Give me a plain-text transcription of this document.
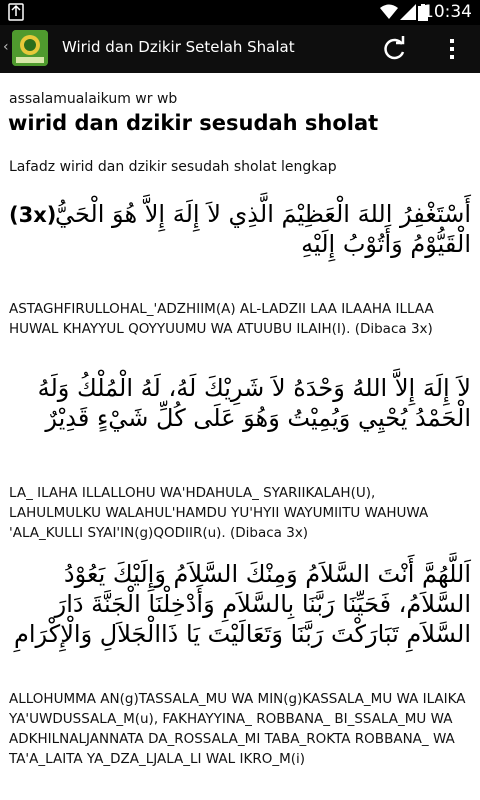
10:34
‹	Wirid dan Dzikir Setelah Shalat

assalamualaikum wr wb

wirid dan dzikir sesudah sholat

Lafadz wirid dan dzikir sesudah sholat lengkap

أَسْتَغْفِرُ اللهَ الْعَظِيْمَ الَّذِي لاَ إِلَهَ إِلاَّ هُوَ الْحَيُّ الْقَيُّوْمُ وَأَتُوْبُ إِلَيْهِ

(3x)

ASTAGHFIRULLOHAL_'ADZHIIM(A) AL-LADZII LAA ILAAHA ILLAA HUWAL KHAYYUL QOYYUUMU WA ATUUBU ILAIH(I). (Dibaca 3x)

لاَ إِلَهَ إِلاَّ اللهُ وَحْدَهُ لاَ شَرِيْكَ لَهُ، لَهُ الْمُلْكُ وَلَهُ الْحَمْدُ يُحْيِي وَيُمِيْتُ وَهُوَ عَلَى كُلِّ شَيْءٍ قَدِيْرٌ

LA_ ILAHA ILLALLOHU WA'HDAHULA_ SYARIIKALAH(U), LAHULMULKU WALAHUL'HAMDU YU'HYII WAYUMIITU WAHUWA 'ALA_KULLI SYAI'IN(g)QODIIR(u). (Dibaca 3x)

اَللَّهُمَّ أَنْتَ السَّلاَمُ وَمِنْكَ السَّلاَمُ وَإِلَيْكَ يَعُوْدُ السَّلاَمُ، فَحَيِّنَا رَبَّنَا بِالسَّلاَمِ وَأَدْخِلْنَا الْجَنَّةَ دَارَ السَّلاَمِ تَبَارَكْتَ رَبَّنَا وَتَعَالَيْتَ يَا ذَاالْجَلاَلِ وَالْإِكْرَامِ

ALLOHUMMA AN(g)TASSALA_MU WA MIN(g)KASSALA_MU WA ILAIKA YA'UWDUSSALA_M(u), FAKHAYYINA_ ROBBANA_ BI_SSALA_MU WA ADKHILNALJANNATA DA_ROSSALA_MI TABA_ROKTA ROBBANA_ WA TA'A_LAITA YA_DZA_LJALA_LI WAL IKRO_M(i)
